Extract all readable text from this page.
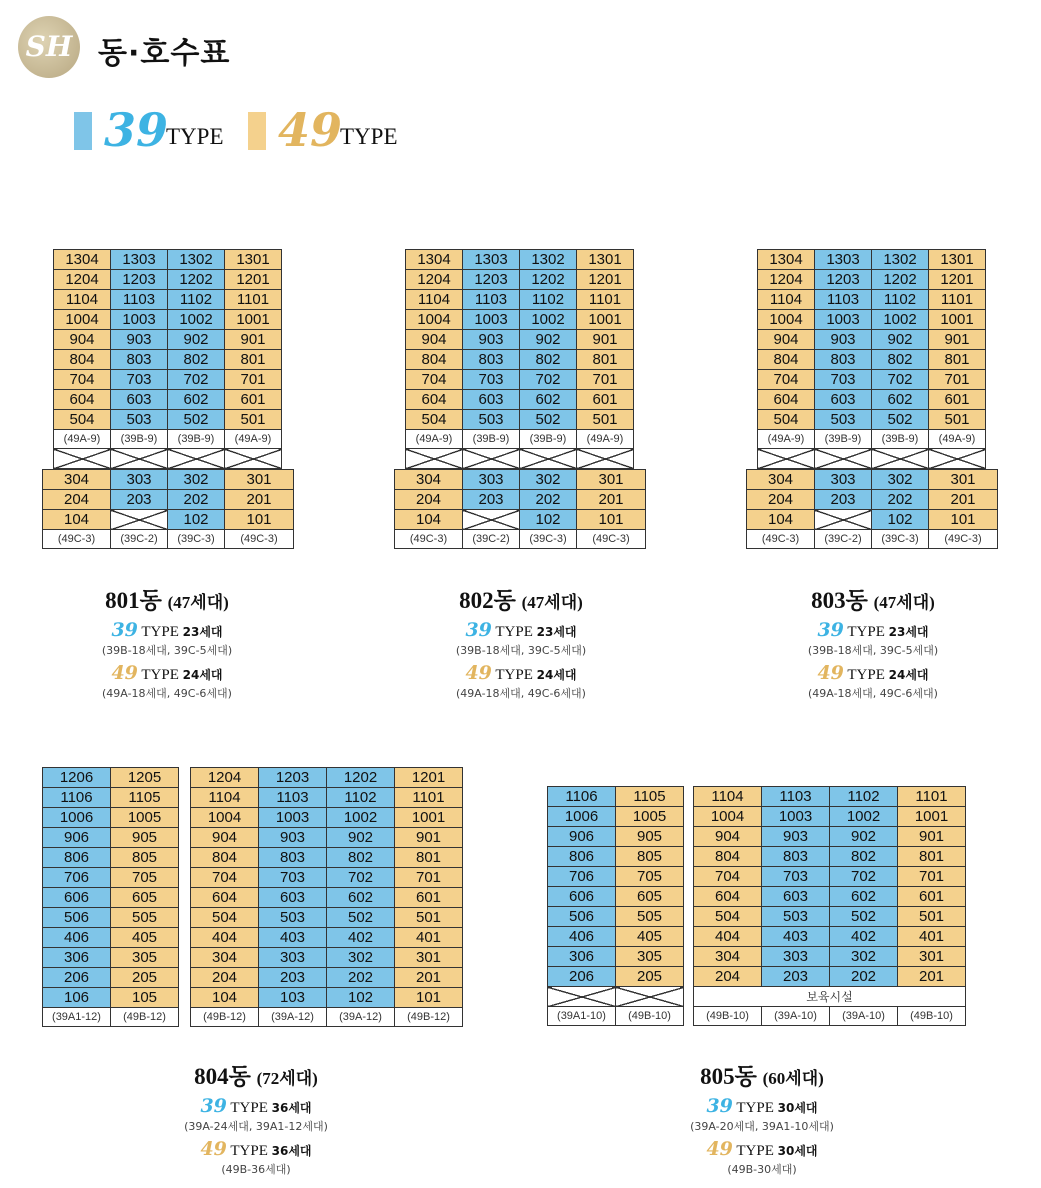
SH 동·호수표
39
TYPE 49
TYPE
1304	1303	1302	1301
1204	1203	1202	1201
1104	1103	1102	1101
1004	1003	1002	1001
904	903	902	901
804	803	802	801
704	703	702	701
604	603	602	601
504	503	502	501
(49A-9)	(39B-9)	(39B-9)	(49A-9)

304	303	302	301
204	203	202	201
104		102	101
(49C-3)	(39C-2)	(39C-3)	(49C-3)
1304	1303	1302	1301
1204	1203	1202	1201
1104	1103	1102	1101
1004	1003	1002	1001
904	903	902	901
804	803	802	801
704	703	702	701
604	603	602	601
504	503	502	501
(49A-9)	(39B-9)	(39B-9)	(49A-9)

304	303	302	301
204	203	202	201
104		102	101
(49C-3)	(39C-2)	(39C-3)	(49C-3)
1304	1303	1302	1301
1204	1203	1202	1201
1104	1103	1102	1101
1004	1003	1002	1001
904	903	902	901
804	803	802	801
704	703	702	701
604	603	602	601
504	503	502	501
(49A-9)	(39B-9)	(39B-9)	(49A-9)

304	303	302	301
204	203	202	201
104		102	101
(49C-3)	(39C-2)	(39C-3)	(49C-3)
1206	1205
1106	1105
1006	1005
906	905
806	805
706	705
606	605
506	505
406	405
306	305
206	205
106	105
(39A1-12)	(49B-12)
1204	1203	1202	1201
1104	1103	1102	1101
1004	1003	1002	1001
904	903	902	901
804	803	802	801
704	703	702	701
604	603	602	601
504	503	502	501
404	403	402	401
304	303	302	301
204	203	202	201
104	103	102	101
(49B-12)	(39A-12)	(39A-12)	(49B-12)
1106	1105
1006	1005
906	905
806	805
706	705
606	605
506	505
406	405
306	305
206	205

(39A1-10)	(49B-10)
1104	1103	1102	1101
1004	1003	1002	1001
904	903	902	901
804	803	802	801
704	703	702	701
604	603	602	601
504	503	502	501
404	403	402	401
304	303	302	301
204	203	202	201
보육시설			
(49B-10)	(39A-10)	(39A-10)	(49B-10)
801동 (47세대)
39 TYPE 23세대
(39B-18세대, 39C-5세대)
49 TYPE 24세대
(49A-18세대, 49C-6세대)
802동 (47세대)
39 TYPE 23세대
(39B-18세대, 39C-5세대)
49 TYPE 24세대
(49A-18세대, 49C-6세대)
803동 (47세대)
39 TYPE 23세대
(39B-18세대, 39C-5세대)
49 TYPE 24세대
(49A-18세대, 49C-6세대)
804동 (72세대)
39 TYPE 36세대
(39A-24세대, 39A1-12세대)
49 TYPE 36세대
(49B-36세대)
805동 (60세대)
39 TYPE 30세대
(39A-20세대, 39A1-10세대)
49 TYPE 30세대
(49B-30세대)
